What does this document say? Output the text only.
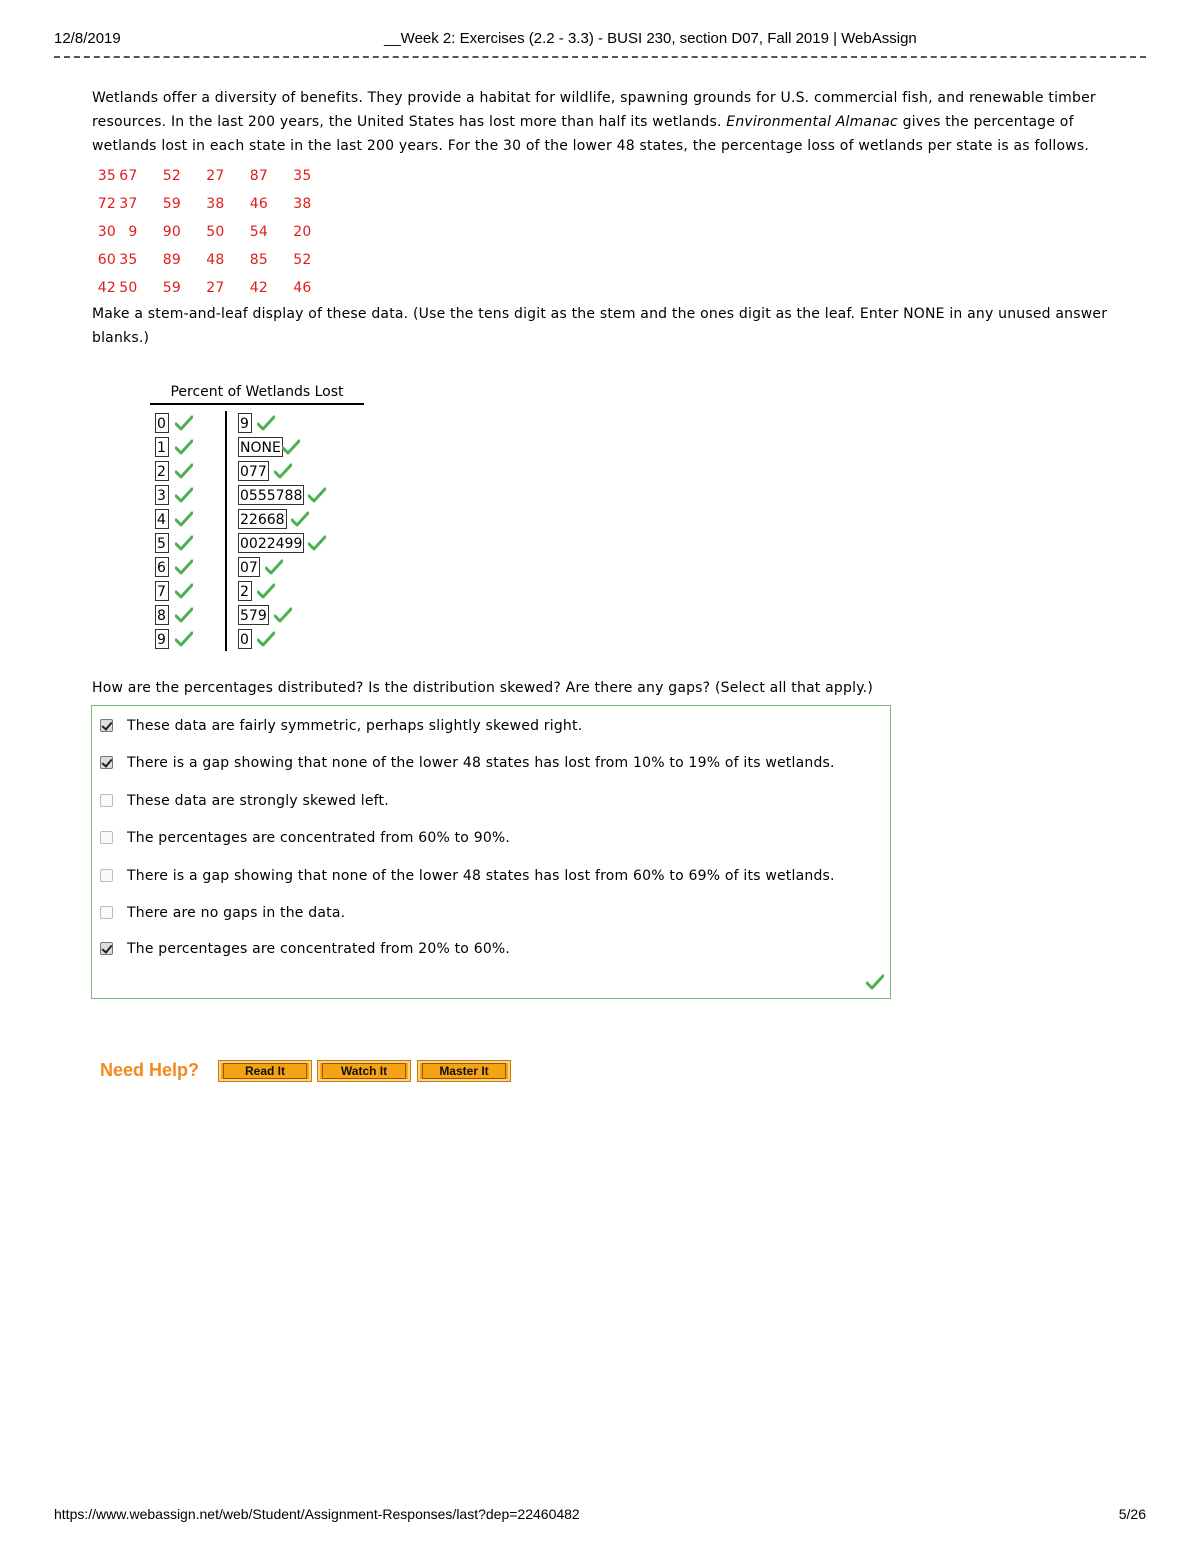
12/8/2019	__Week 2: Exercises (2.2 - 3.3) - BUSI 230, section D07, Fall 2019 | WebAssign

Wetlands offer a diversity of benefits. They provide a habitat for wildlife, spawning grounds for U.S. commercial fish, and renewable timber resources. In the last 200 years, the United States has lost more than half its wetlands. Environmental Almanac gives the percentage of wetlands lost in each state in the last 200 years. For the 30 of the lower 48 states, the percentage loss of wetlands per state is as follows.

35 67 52 27 87 35
72 37 59 38 46 38
30 9 90 50 54 20
60 35 89 48 85 52
42 50 59 27 42 46

Make a stem-and-leaf display of these data. (Use the tens digit as the stem and the ones digit as the leaf. Enter NONE in any unused answer blanks.)

Percent of Wetlands Lost
0	9
1	NONE
2	077
3	0555788
4	22668
5	0022499
6	07
7	2
8	579
9	0
How are the percentages distributed? Is the distribution skewed? Are there any gaps? (Select all that apply.)
These data are fairly symmetric, perhaps slightly skewed right.
There is a gap showing that none of the lower 48 states has lost from 10% to 19% of its wetlands.
These data are strongly skewed left.
The percentages are concentrated from 60% to 90%.
There is a gap showing that none of the lower 48 states has lost from 60% to 69% of its wetlands.
There are no gaps in the data.
The percentages are concentrated from 20% to 60%.
Need Help?	Read It	Watch It	Master It
https://www.webassign.net/web/Student/Assignment-Responses/last?dep=22460482	5/26
